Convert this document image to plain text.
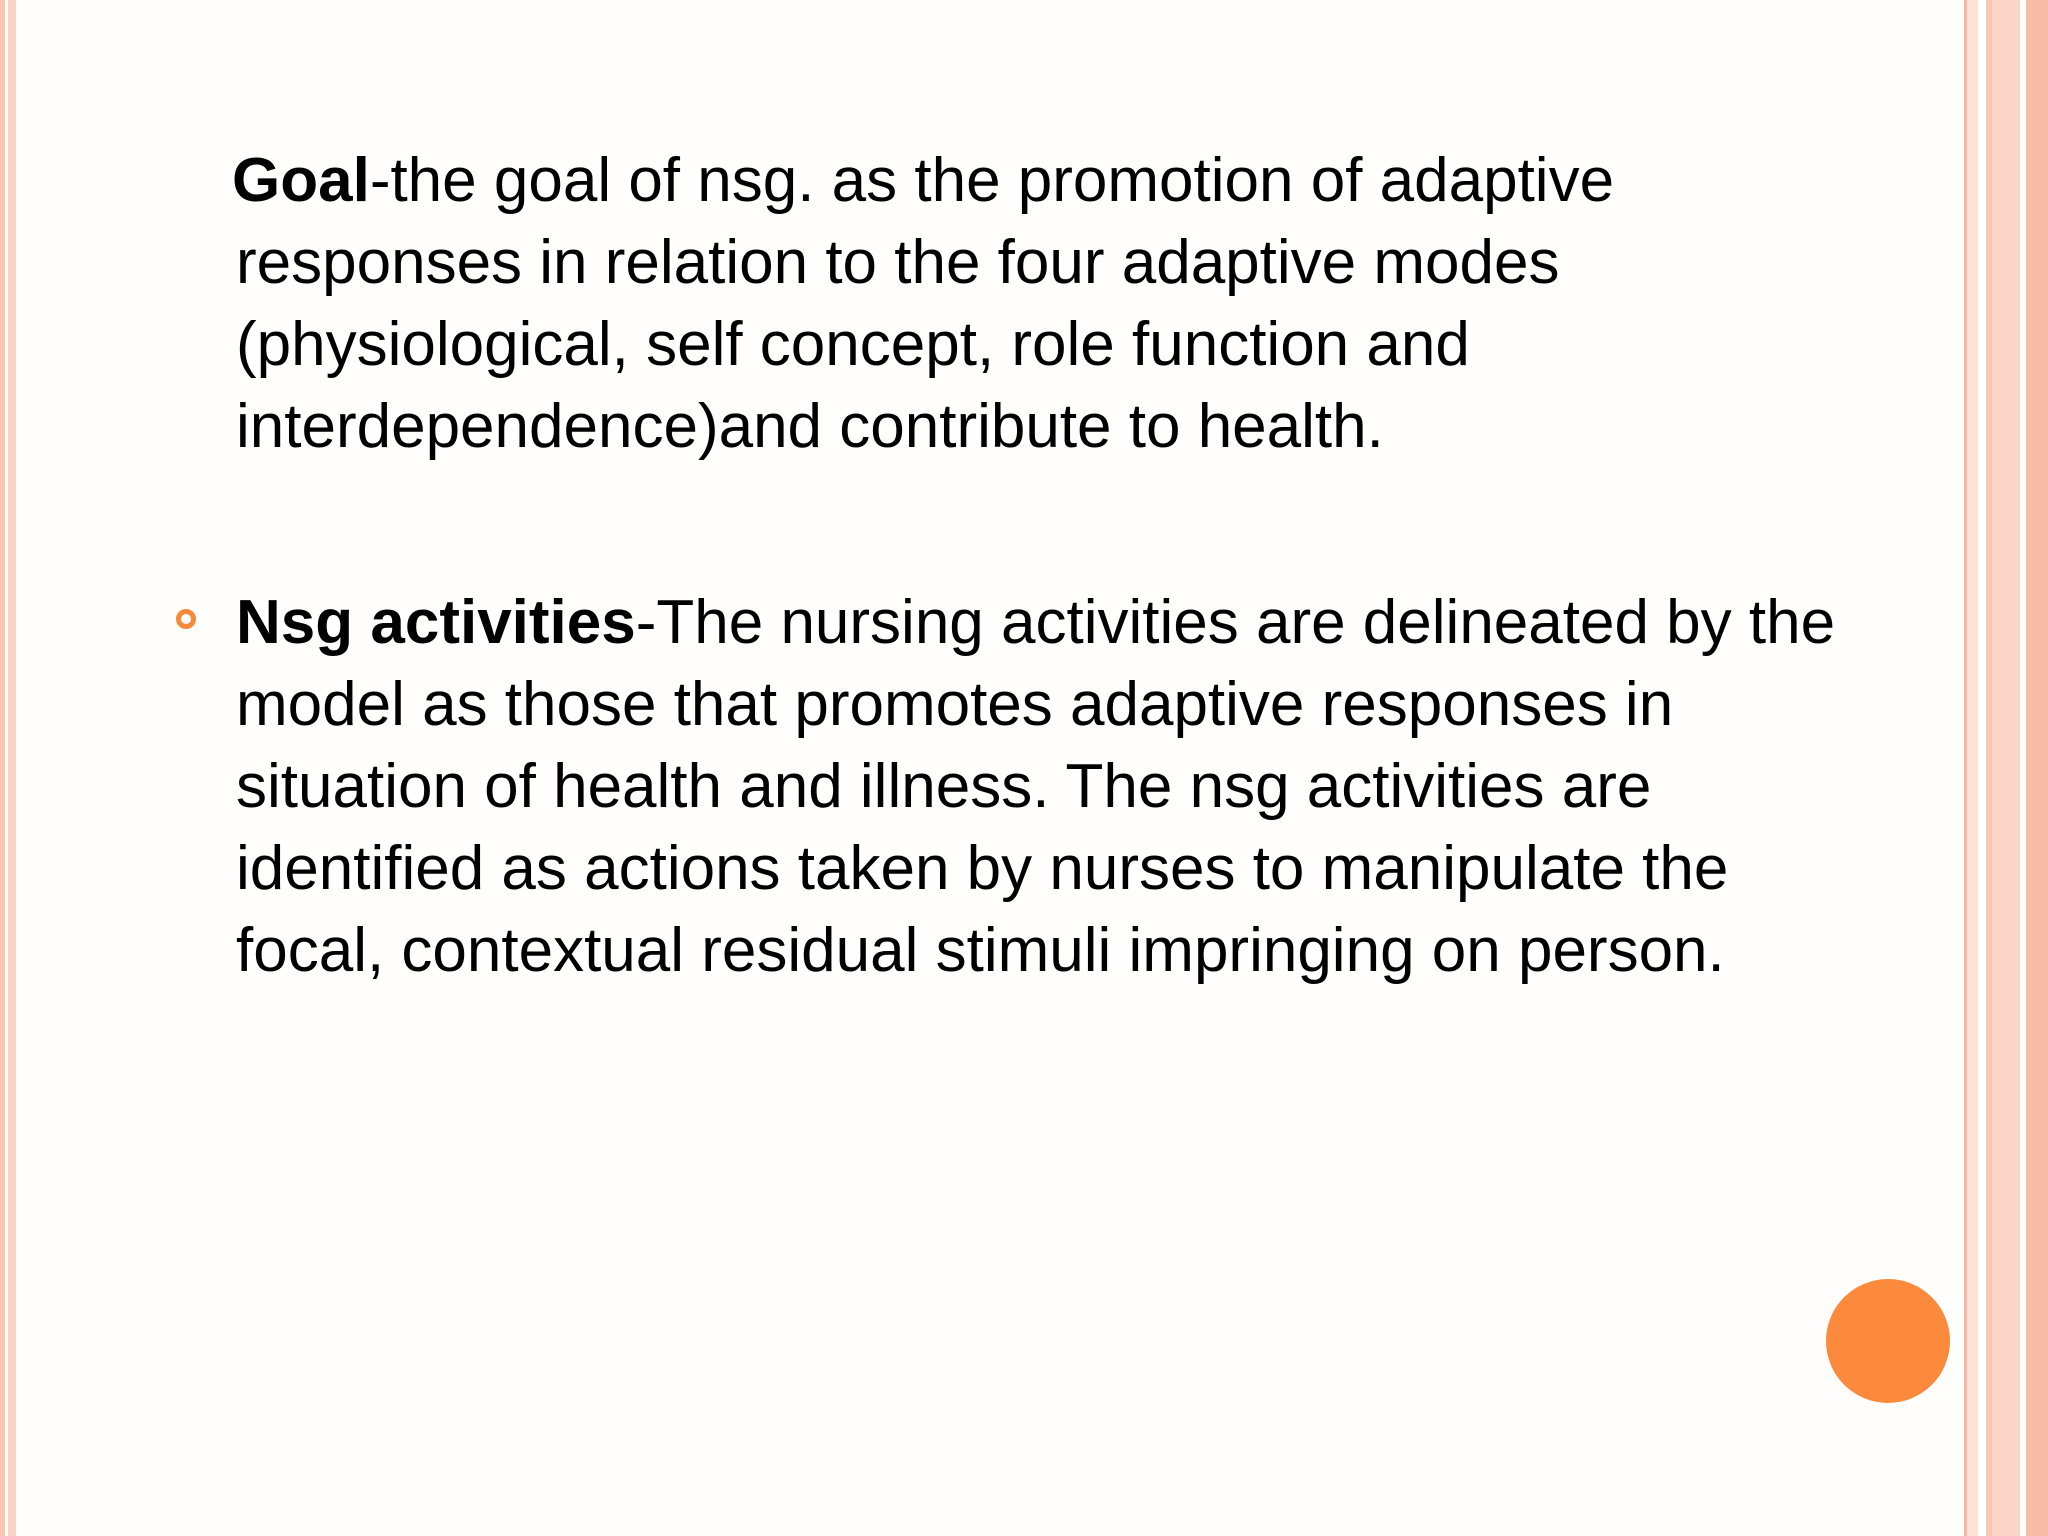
Goal-the goal of nsg. as the promotion of adaptive responses in relation to the four adaptive modes (physiological, self concept, role function and interdependence)and contribute to health.

Nsg activities-The nursing activities are delineated by the model as those that promotes adaptive responses in situation of health and illness. The nsg activities are identified as actions taken by nurses to manipulate the focal, contextual residual stimuli impringing on person.
